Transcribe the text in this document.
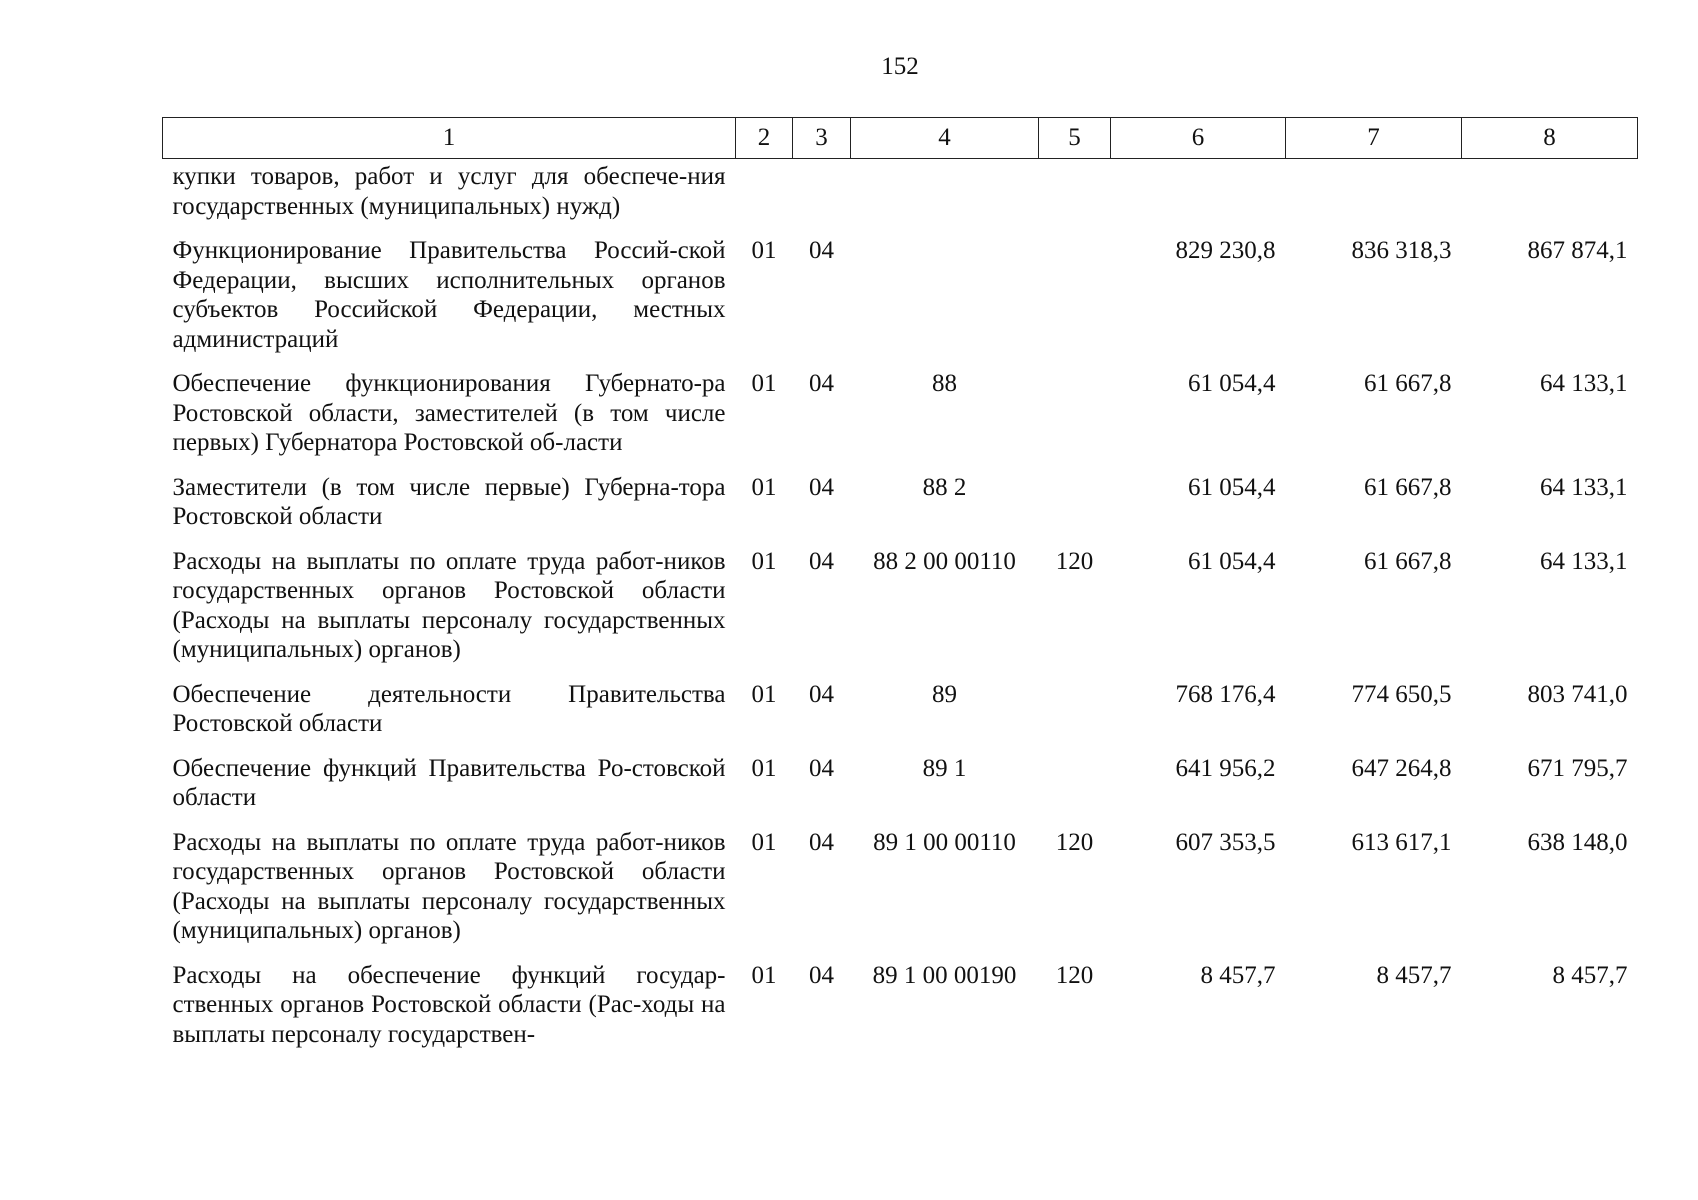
152
1	2	3	4	5	6	7	8
купки товаров, работ и услуг для обеспече-ния государственных (муниципальных) нужд)							
Функционирование Правительства Россий-ской Федерации, высших исполнительных органов субъектов Российской Федерации, местных администраций	01	04			829 230,8	836 318,3	867 874,1
Обеспечение функционирования Губернато-ра Ростовской области, заместителей (в том числе первых) Губернатора Ростовской об-ласти	01	04	88		61 054,4	61 667,8	64 133,1
Заместители (в том числе первые) Губерна-тора Ростовской области	01	04	88 2		61 054,4	61 667,8	64 133,1
Расходы на выплаты по оплате труда работ-ников государственных органов Ростовской области (Расходы на выплаты персоналу государственных (муниципальных) органов)	01	04	88 2 00 00110	120	61 054,4	61 667,8	64 133,1
Обеспечение деятельности Правительства Ростовской области	01	04	89		768 176,4	774 650,5	803 741,0
Обеспечение функций Правительства Ро-стовской области	01	04	89 1		641 956,2	647 264,8	671 795,7
Расходы на выплаты по оплате труда работ-ников государственных органов Ростовской области (Расходы на выплаты персоналу государственных (муниципальных) органов)	01	04	89 1 00 00110	120	607 353,5	613 617,1	638 148,0
Расходы на обеспечение функций государ-ственных органов Ростовской области (Рас-ходы на выплаты персоналу государствен-	01	04	89 1 00 00190	120	8 457,7	8 457,7	8 457,7
